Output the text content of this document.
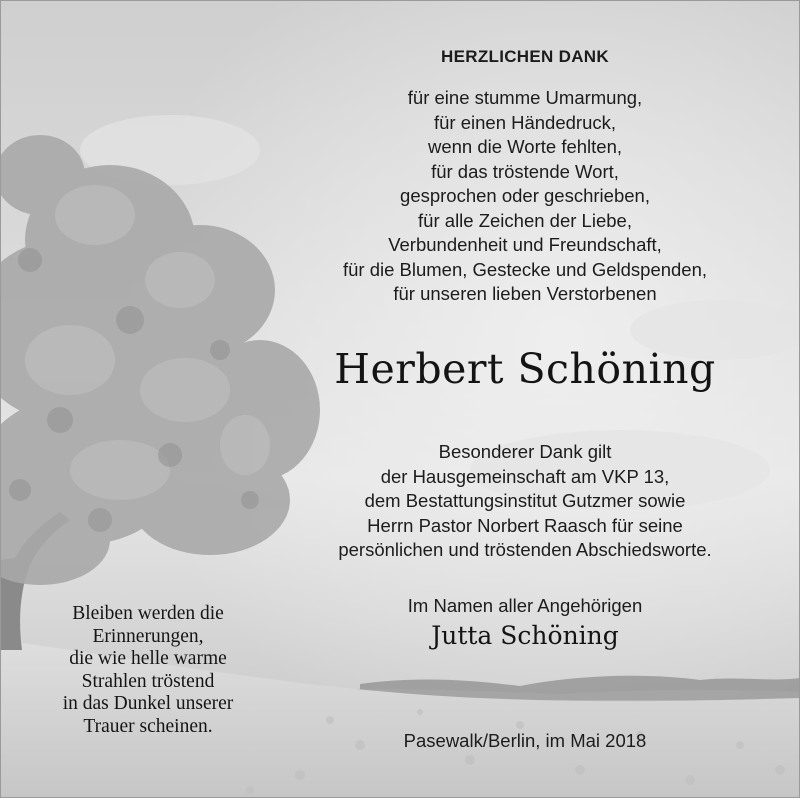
HERZLICHEN DANK
für eine stumme Umarmung,
für einen Händedruck,
wenn die Worte fehlten,
für das tröstende Wort,
gesprochen oder geschrieben,
für alle Zeichen der Liebe,
Verbundenheit und Freundschaft,
für die Blumen, Gestecke und Geldspenden,
für unseren lieben Verstorbenen
Herbert Schöning
Besonderer Dank gilt
der Hausgemeinschaft am VKP 13,
dem Bestattungsinstitut Gutzmer sowie
Herrn Pastor Norbert Raasch für seine
persönlichen und tröstenden Abschiedsworte.
Im Namen aller Angehörigen
Jutta Schöning
Bleiben werden die
Erinnerungen,
die wie helle warme
Strahlen tröstend
in das Dunkel unserer
Trauer scheinen.
Pasewalk/Berlin, im Mai 2018
